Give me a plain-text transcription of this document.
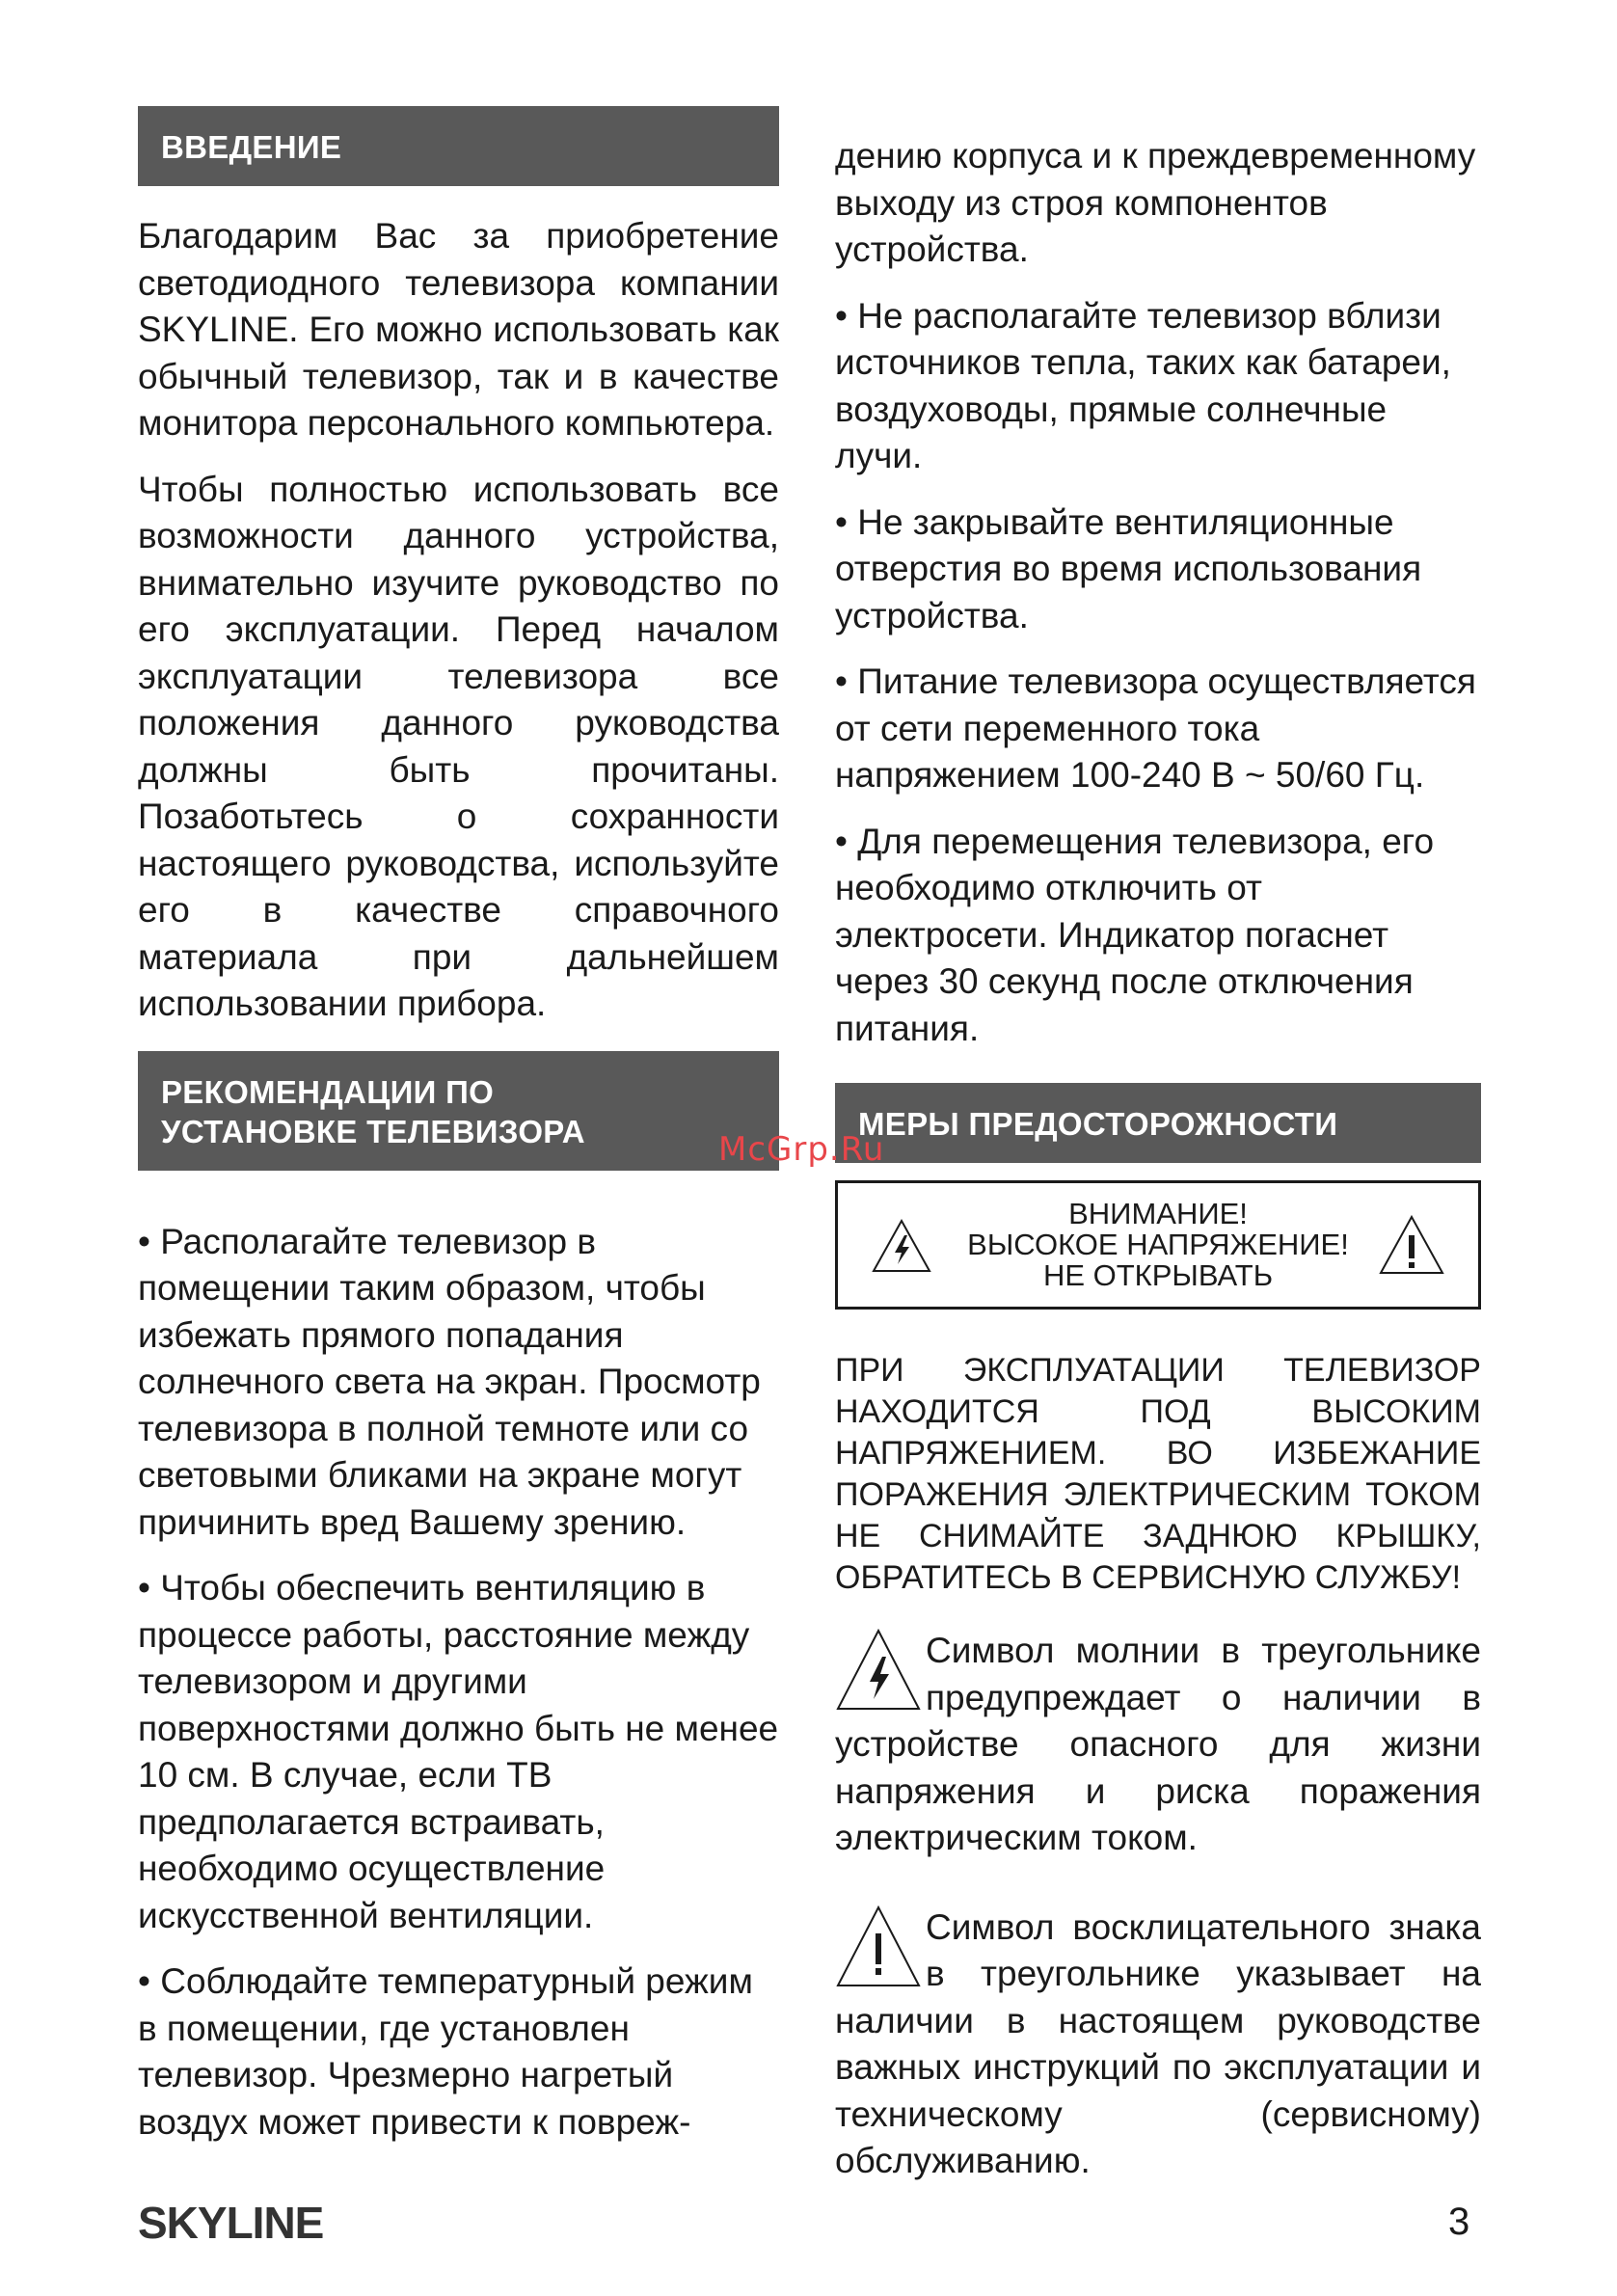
ВВЕДЕНИЕ

Благодарим Вас за приобретение светодиодного телевизора компании SKYLINE. Его можно использовать как обычный телевизор, так и в качестве монитора персонального компьютера.

Чтобы полностью использовать все возможности данного устройства, внимательно изучите руководство по его эксплуатации. Перед началом эксплуатации телевизора все положения данного руководства должны быть прочитаны. Позаботьтесь о сохранности настоящего руководства, используйте его в качестве справочного материала при дальнейшем использовании прибора.

РЕКОМЕНДАЦИИ ПО
УСТАНОВКЕ ТЕЛЕВИЗОРА

• Располагайте телевизор в помещении таким образом, чтобы избежать прямого попадания солнечного света на экран. Просмотр телевизора в полной темноте или со световыми бликами на экране могут причинить вред Вашему зрению.

• Чтобы обеспечить вентиляцию в процессе работы, расстояние между телевизором и другими поверхностями должно быть не менее 10 см. В случае, если ТВ предполагается встраивать, необходимо осуществление искусственной вентиляции.

• Соблюдайте температурный режим в помещении, где установлен телевизор. Чрезмерно нагретый воздух может привести к повреж-

дению корпуса и к преждевременному выходу из строя компонентов устройства.

• Не располагайте телевизор вблизи источников тепла, таких как батареи, воздуховоды, прямые солнечные лучи.

• Не закрывайте вентиляционные отверстия во время использования устройства.

• Питание телевизора осуществляется от сети переменного тока напряжением 100-240 В ~ 50/60 Гц.

• Для перемещения телевизора, его необходимо отключить от электросети. Индикатор погаснет через 30 секунд после отключения питания.

МЕРЫ ПРЕДОСТОРОЖНОСТИ
ВНИМАНИЕ!
ВЫСОКОЕ НАПРЯЖЕНИЕ!
НЕ ОТКРЫВАТЬ

ПРИ ЭКСПЛУАТАЦИИ ТЕЛЕВИЗОР НАХОДИТСЯ ПОД ВЫСОКИМ НАПРЯЖЕНИЕМ. ВО ИЗБЕЖАНИЕ ПОРАЖЕНИЯ ЭЛЕКТРИЧЕСКИМ ТОКОМ НЕ СНИМАЙТЕ ЗАДНЮЮ КРЫШКУ, ОБРАТИТЕСЬ В СЕРВИСНУЮ СЛУЖБУ!

Символ молнии в треугольнике предупреждает о наличии в устройстве опасного для жизни напряжения и риска поражения электрическим током.

Символ восклицательного знака в треугольнике указывает на наличии в настоящем руководстве важных инструкций по эксплуатации и техническому (сервисному) обслуживанию.

McGrp.Ru
SKYLINE	3
